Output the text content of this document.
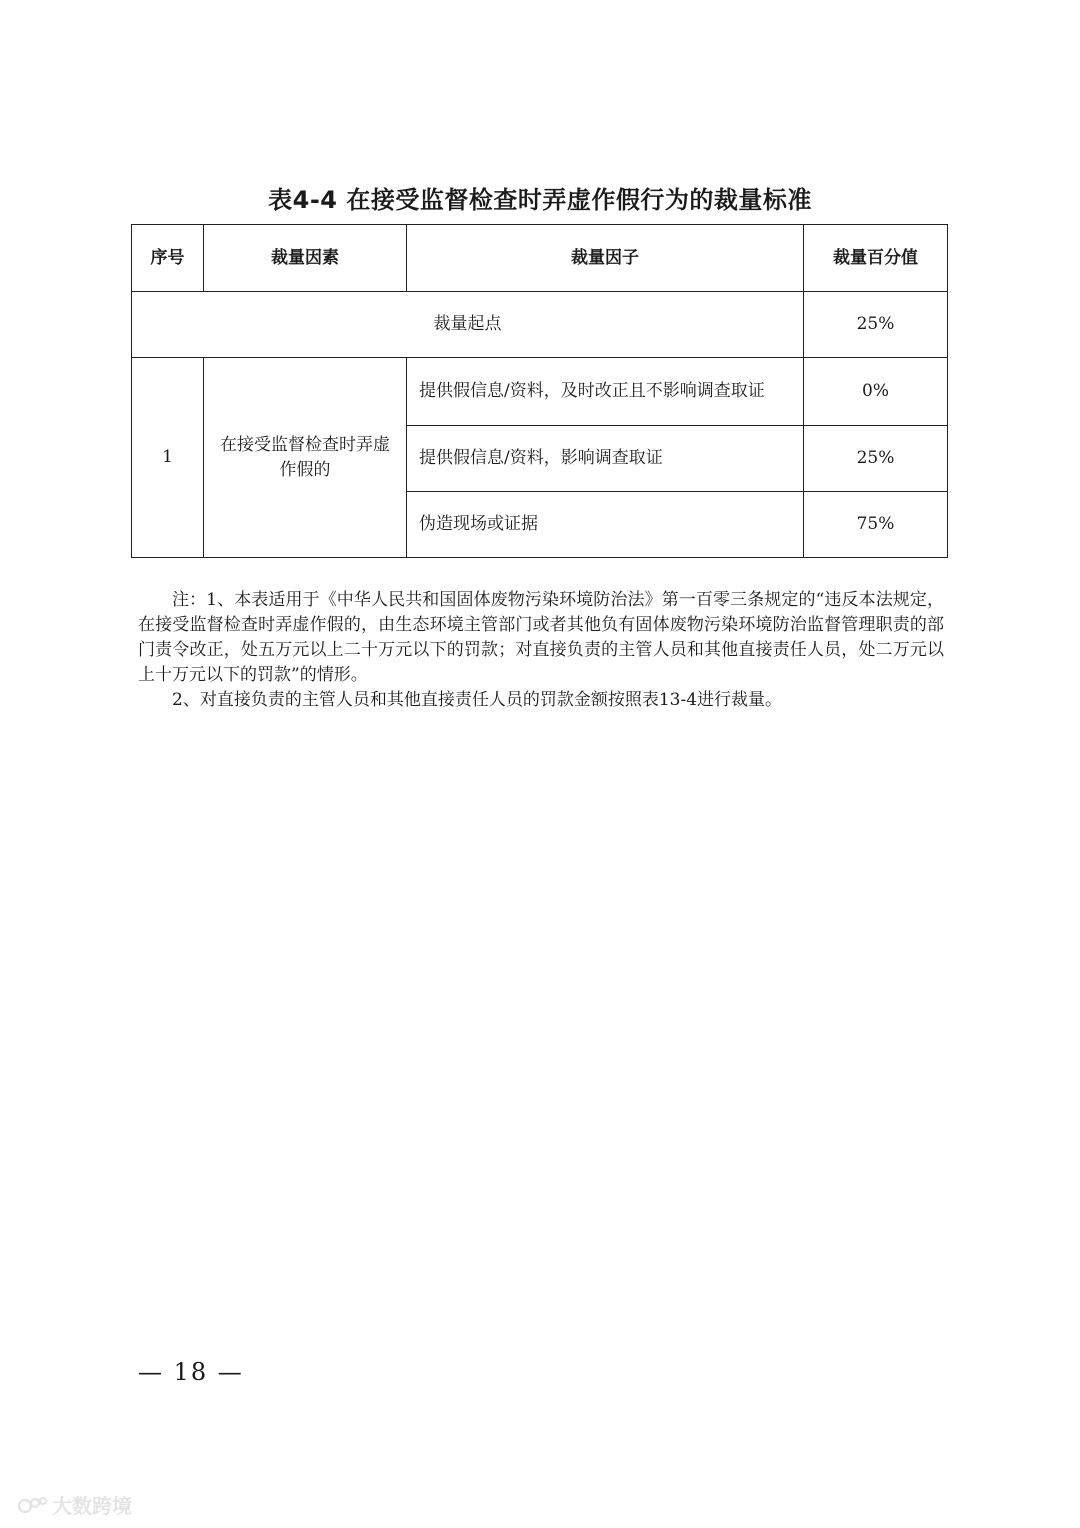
表4-4 在接受监督检查时弄虚作假行为的裁量标准
序号	裁量因素	裁量因子	裁量百分值
裁量起点			25%
1	在接受监督检查时弄虚作假的	提供假信息/资料，及时改正且不影响调查取证	0%
		提供假信息/资料，影响调查取证	25%
		伪造现场或证据	75%

注：1、本表适用于《中华人民共和国固体废物污染环境防治法》第一百零三条规定的“违反本法规定，在接受监督检查时弄虚作假的，由生态环境主管部门或者其他负有固体废物污染环境防治监督管理职责的部门责令改正，处五万元以上二十万元以下的罚款；对直接负责的主管人员和其他直接责任人员，处二万元以上十万元以下的罚款”的情形。

2、对直接负责的主管人员和其他直接责任人员的罚款金额按照表13-4进行裁量。

— 18 —
大数跨境
